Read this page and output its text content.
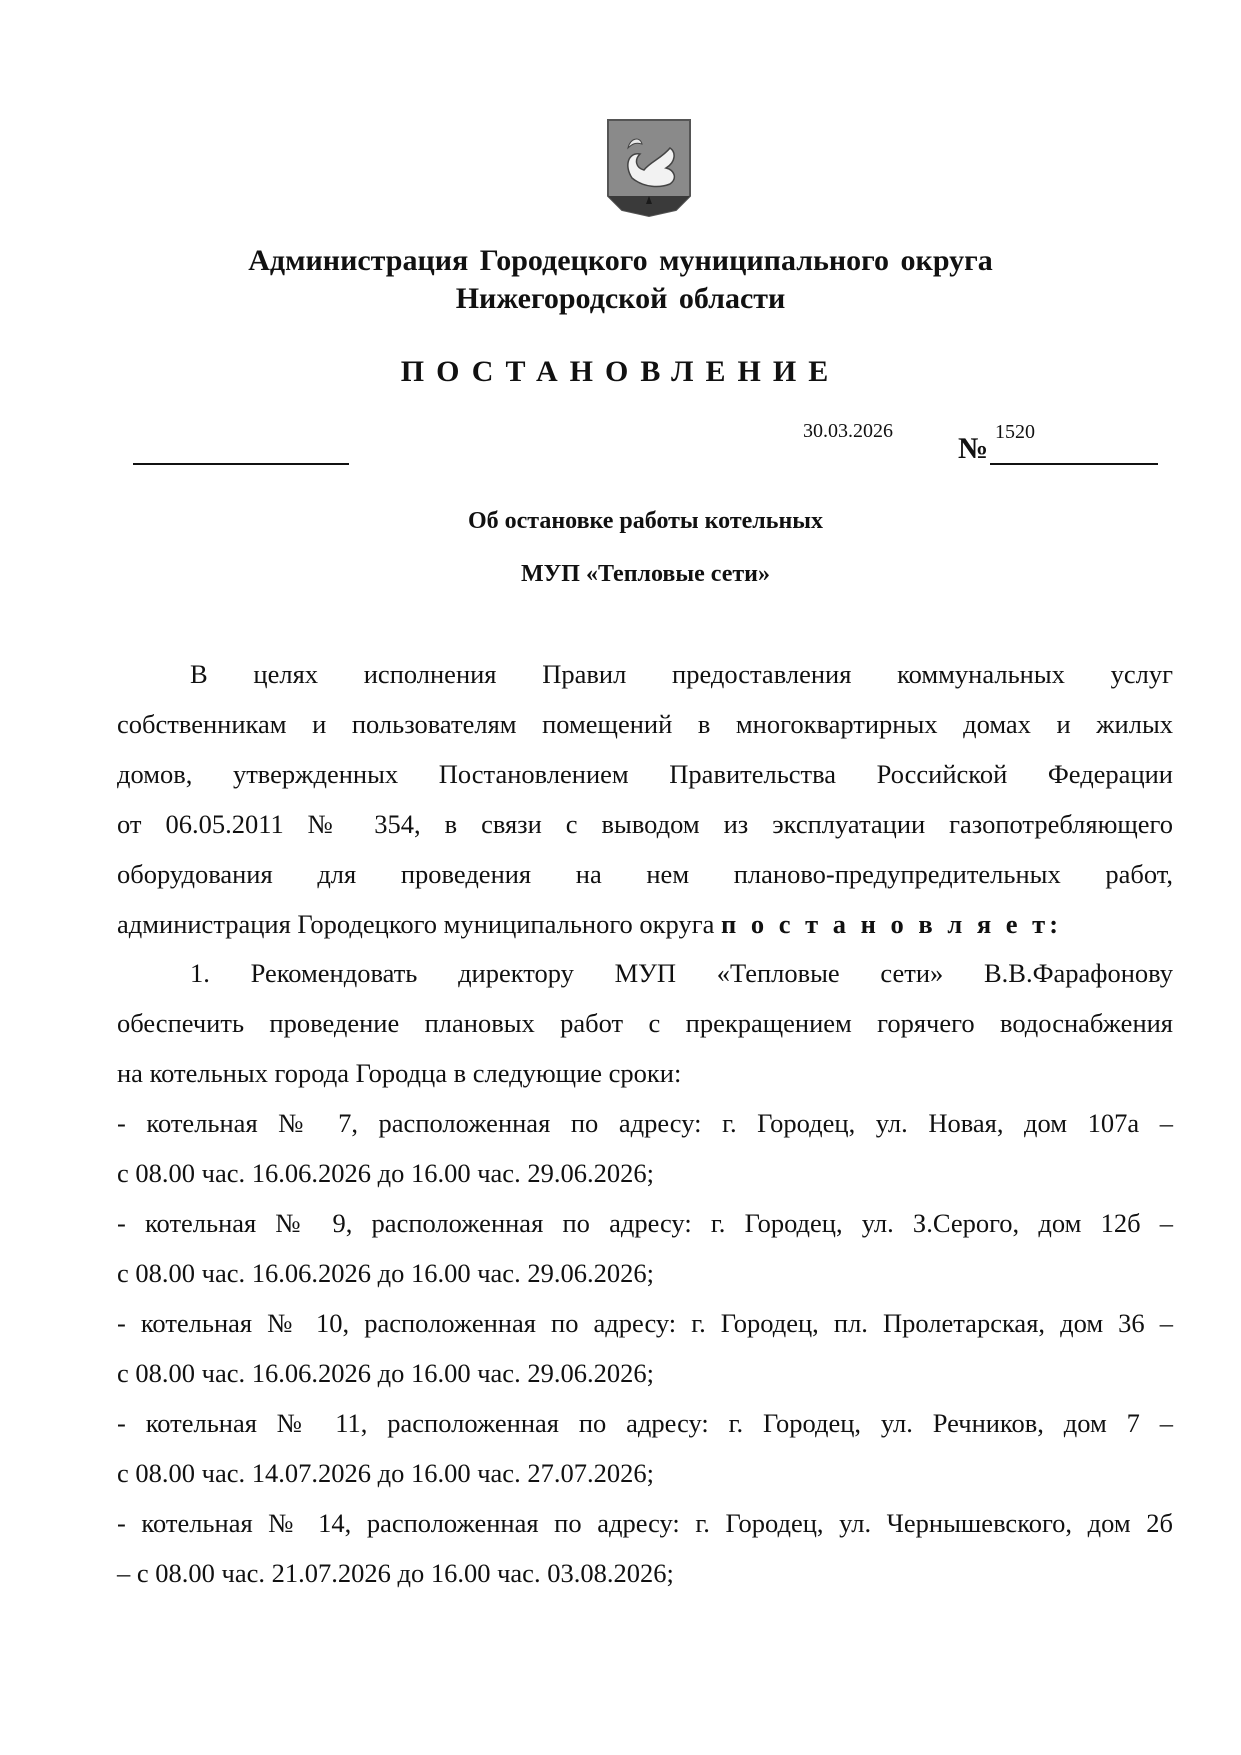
Администрация Городецкого муниципального округа
Нижегородской области
ПОСТАНОВЛЕНИЕ
30.03.2026
№ 1520
Об остановке работы котельных
МУП «Тепловые сети»
В целях исполнения Правил предоставления коммунальных услуг
собственникам и пользователям помещений в многоквартирных домах и жилых
домов, утвержденных Постановлением Правительства Российской Федерации
от 06.05.2011 № 354, в связи с выводом из эксплуатации газопотребляющего
оборудования для проведения на нем планово-предупредительных работ,
администрация Городецкого муниципального округа п о с т а н о в л я е т:
1. Рекомендовать директору МУП «Тепловые сети» В.В.Фарафонову
обеспечить проведение плановых работ с прекращением горячего водоснабжения
на котельных города Городца в следующие сроки:
- котельная № 7, расположенная по адресу: г. Городец, ул. Новая, дом 107а –
с 08.00 час. 16.06.2026 до 16.00 час. 29.06.2026;
- котельная № 9, расположенная по адресу: г. Городец, ул. З.Серого, дом 12б –
с 08.00 час. 16.06.2026 до 16.00 час. 29.06.2026;
- котельная № 10, расположенная по адресу: г. Городец, пл. Пролетарская, дом 36 –
с 08.00 час. 16.06.2026 до 16.00 час. 29.06.2026;
- котельная № 11, расположенная по адресу: г. Городец, ул. Речников, дом 7 –
с 08.00 час. 14.07.2026 до 16.00 час. 27.07.2026;
- котельная № 14, расположенная по адресу: г. Городец, ул. Чернышевского, дом 2б
– с 08.00 час. 21.07.2026 до 16.00 час. 03.08.2026;
